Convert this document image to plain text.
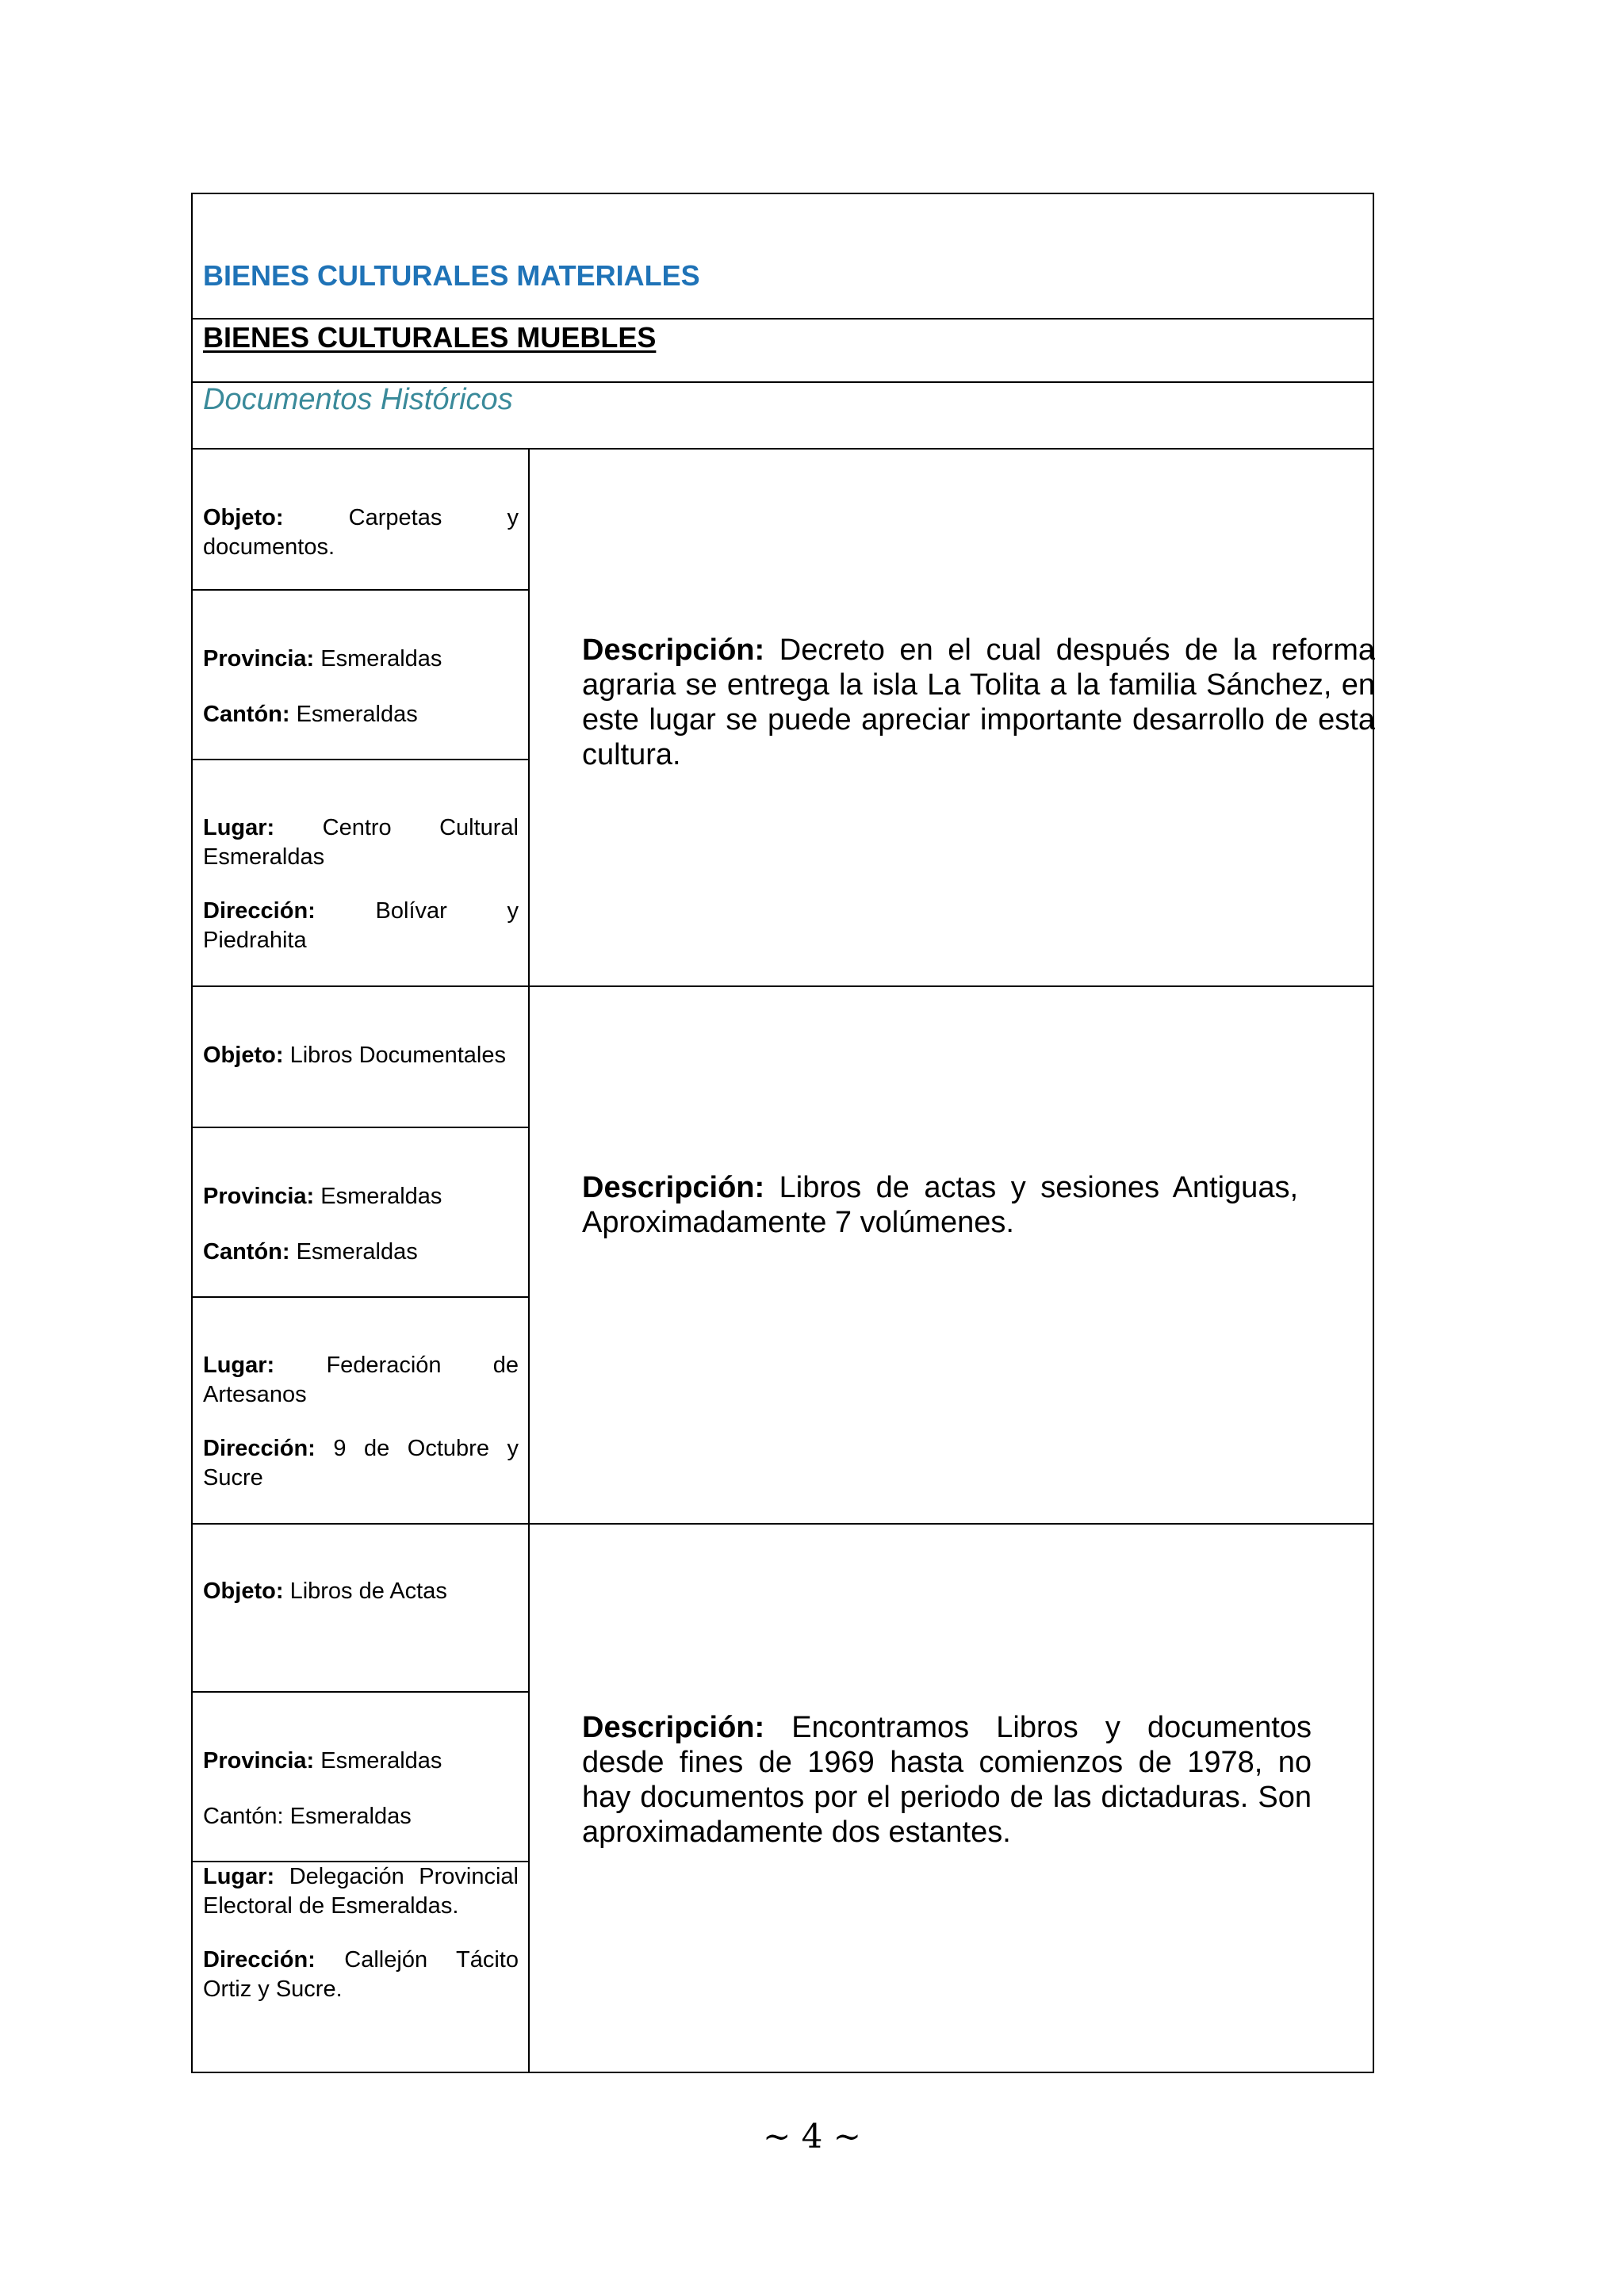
BIENES CULTURALES MATERIALES	

BIENES CULTURALES MUEBLES	

Documentos Históricos	

Objeto: Carpetas y documentos.	Descripción: Decreto en el cual después de la reforma agraria se entrega la isla La Tolita a la familia Sánchez, en este lugar se puede apreciar importante desarrollo de esta cultura.

Provincia: Esmeraldas

Cantón: Esmeraldas	

Lugar: Centro Cultural Esmeraldas

Dirección: Bolívar y Piedrahita	

Objeto: Libros Documentales	Descripción: Libros de actas y sesiones Antiguas, Aproximadamente 7 volúmenes.

Provincia: Esmeraldas

Cantón: Esmeraldas	

Lugar: Federación de Artesanos

Dirección: 9 de Octubre y Sucre	

Objeto: Libros de Actas	Descripción: Encontramos Libros y documentos desde fines de 1969 hasta comienzos de 1978, no hay documentos por el periodo de las dictaduras. Son aproximadamente dos estantes.

Provincia: Esmeraldas

Cantón: Esmeraldas	

Lugar: Delegación Provincial Electoral de Esmeraldas.

Dirección: Callejón Tácito Ortiz y Sucre.	

~ 4 ~
